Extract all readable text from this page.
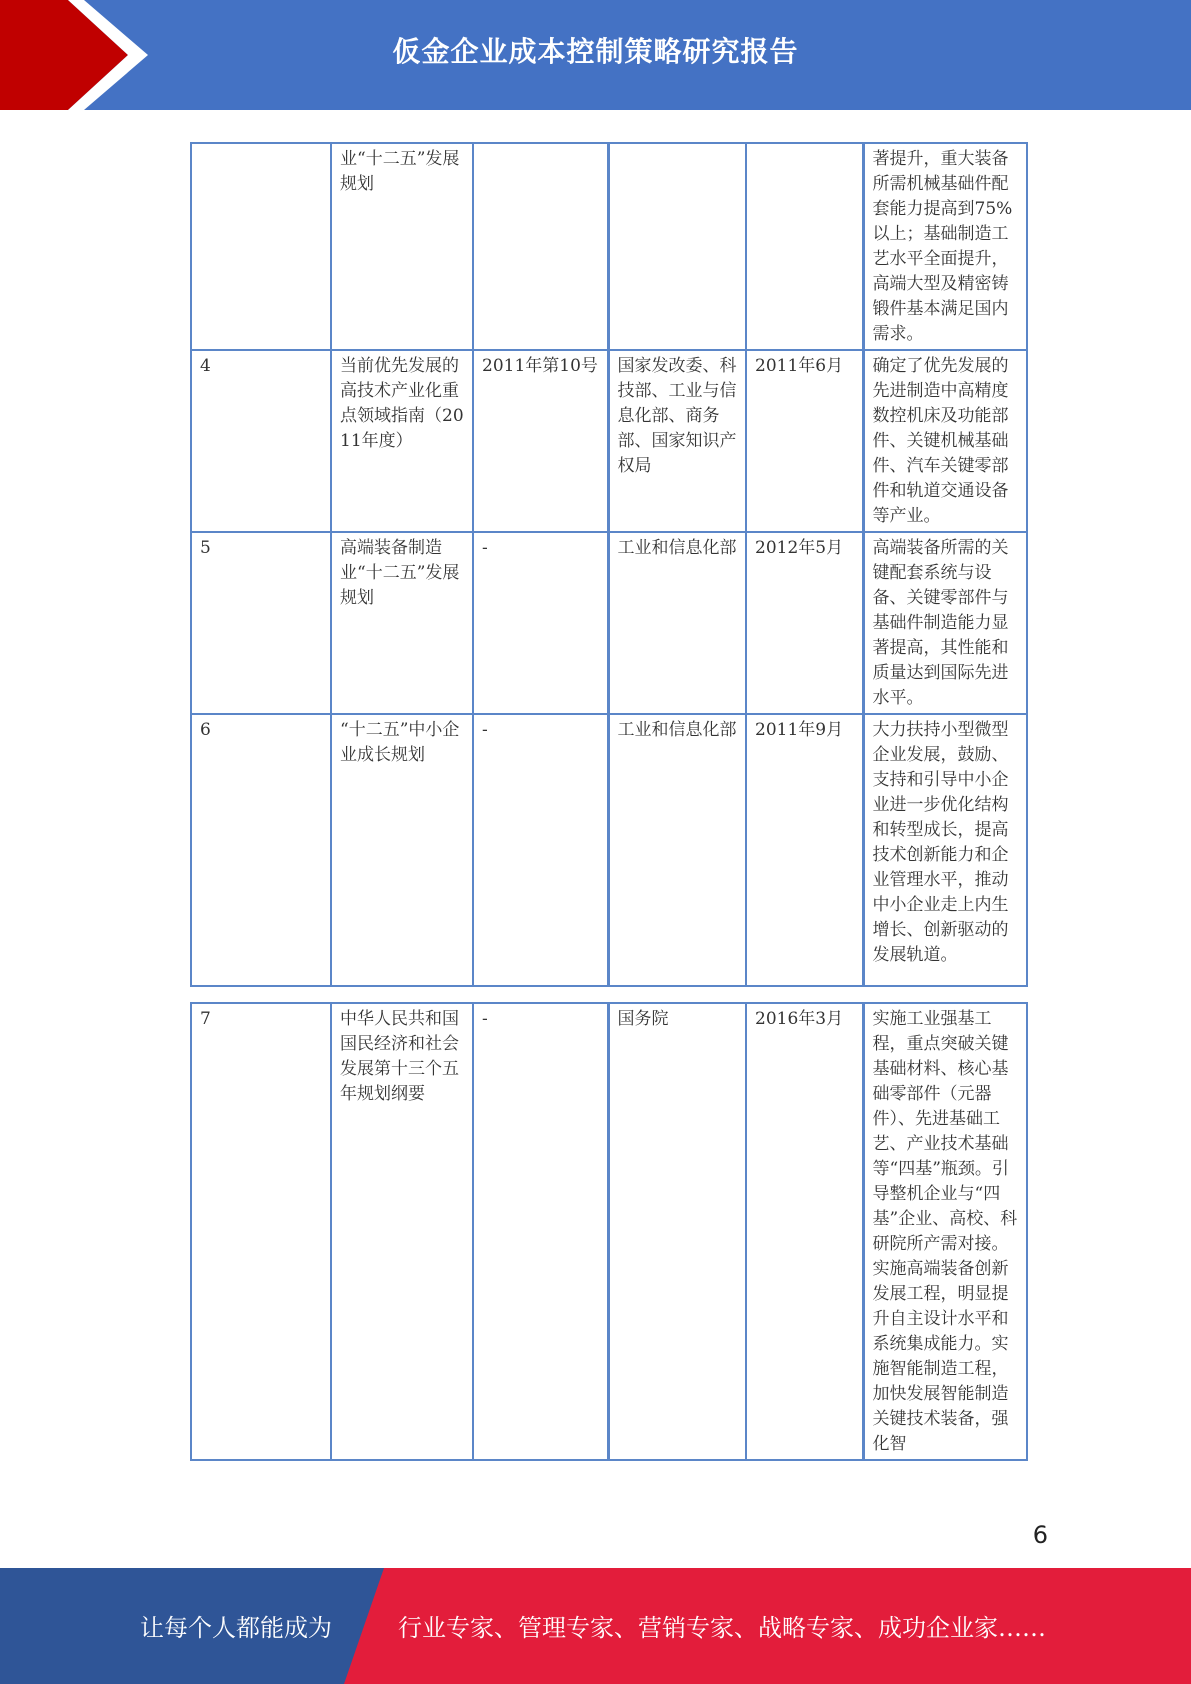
仮金企业成本控制策略研究报告
	业“十二五”发展规划				著提升，重大装备所需机械基础件配套能力提高到75%以上；基础制造工艺水平全面提升，高端大型及精密铸锻件基本满足国内需求。
4	当前优先发展的高技术产业化重点领域指南（2011年度）	2011年第10号	国家发改委、科技部、工业与信息化部、商务部、国家知识产权局	2011年6月	确定了优先发展的先进制造中高精度数控机床及功能部件、关键机械基础件、汽车关键零部件和轨道交通设备等产业。
5	高端装备制造业“十二五”发展规划	-	工业和信息化部	2012年5月	高端装备所需的关键配套系统与设备、关键零部件与基础件制造能力显著提高，其性能和质量达到国际先进水平。
6	“十二五”中小企业成长规划	-	工业和信息化部	2011年9月	大力扶持小型微型企业发展，鼓励、支持和引导中小企业进一步优化结构和转型成长，提高技术创新能力和企业管理水平，推动中小企业走上内生增长、创新驱动的发展轨道。
7	中华人民共和国国民经济和社会发展第十三个五年规划纲要	-	国务院	2016年3月	实施工业强基工程，重点突破关键基础材料、核心基础零部件（元器件）、先进基础工艺、产业技术基础等“四基”瓶颈。引导整机企业与“四基”企业、高校、科研院所产需对接。实施高端装备创新发展工程，明显提升自主设计水平和系统集成能力。实施智能制造工程，加快发展智能制造关键技术装备，强化智
6
让每个人都能成为	行业专家、管理专家、营销专家、战略专家、成功企业家……
